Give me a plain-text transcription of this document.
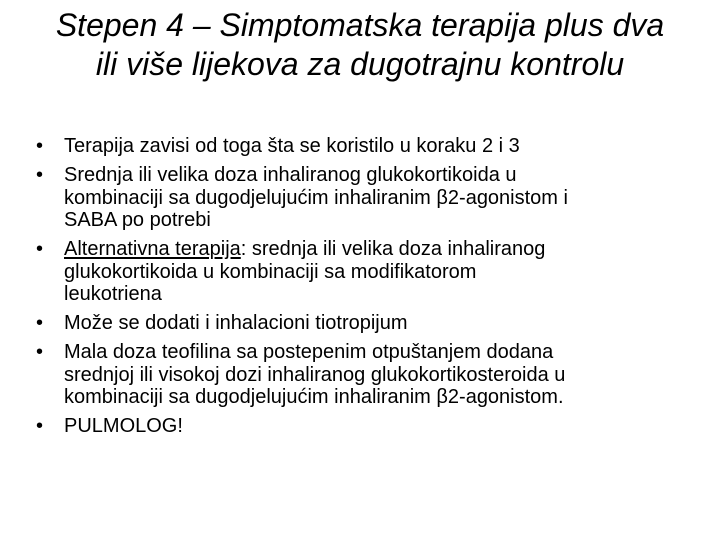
Stepen 4 – Simptomatska terapija plus dva
ili više lijekova za dugotrajnu kontrolu
•	Terapija zavisi od toga šta se koristilo u koraku 2 i 3
•	Srednja ili velika doza inhaliranog glukokortikoida u
kombinaciji sa dugodjelujućim inhaliranim β2-agonistom i
SABA po potrebi
•	Alternativna terapija: srednja ili velika doza inhaliranog
glukokortikoida u kombinaciji sa modifikatorom
leukotriena
•	Može se dodati i inhalacioni tiotropijum
•	Mala doza teofilina sa postepenim otpuštanjem dodana
srednjoj ili visokoj dozi inhaliranog glukokortikosteroida u
kombinaciji sa dugodjelujućim inhaliranim β2-agonistom.
•	PULMOLOG!
